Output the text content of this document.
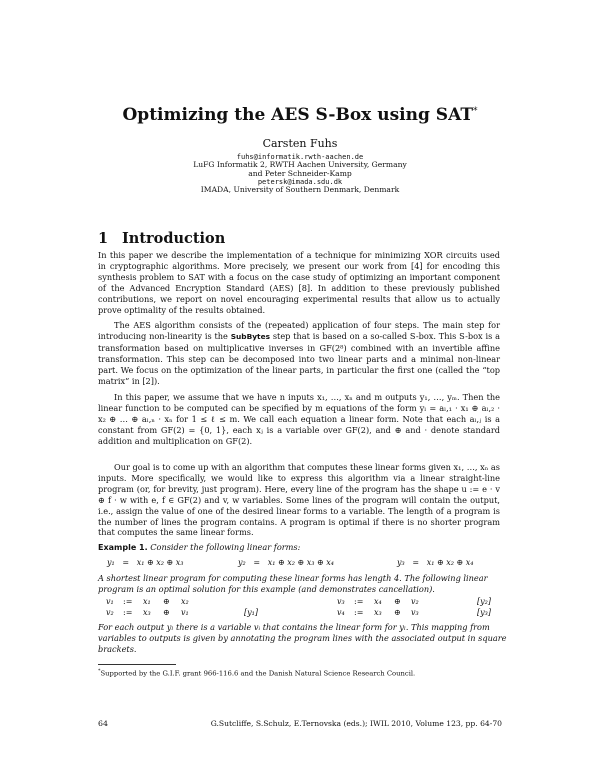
Optimizing the AES S-Box using SAT*
Carsten Fuhs
fuhs@informatik.rwth-aachen.de
LuFG Informatik 2, RWTH Aachen University, Germany
and Peter Schneider-Kamp
petersk@imada.sdu.dk
IMADA, University of Southern Denmark, Denmark
1 Introduction
In this paper we describe the implementation of a technique for minimizing XOR circuits used in cryptographic algorithms. More precisely, we present our work from [4] for encoding this synthesis problem to SAT with a focus on the case study of optimizing an important component of the Advanced Encryption Standard (AES) [8]. In addition to these previously published contributions, we report on novel encouraging experimental results that allow us to actually prove optimality of the results obtained.
The AES algorithm consists of the (repeated) application of four steps. The main step for introducing non-linearity is the SubBytes step that is based on a so-called S-box. This S-box is a transformation based on multiplicative inverses in GF(2⁸) combined with an invertible affine transformation. This step can be decomposed into two linear parts and a minimal non-linear part. We focus on the optimization of the linear parts, in particular the first one (called the “top matrix” in [2]).
In this paper, we assume that we have n inputs x₁, …, xₙ and m outputs y₁, …, yₘ. Then the linear function to be computed can be specified by m equations of the form yₗ = aₗ,₁ · x₁ ⊕ aₗ,₂ · x₂ ⊕ … ⊕ aₗ,ₙ · xₙ for 1 ≤ ℓ ≤ m. We call each equation a linear form. Note that each aₗ,ⱼ is a constant from GF(2) = {0, 1}, each xⱼ is a variable over GF(2), and ⊕ and · denote standard addition and multiplication on GF(2).
Our goal is to come up with an algorithm that computes these linear forms given x₁, …, xₙ as inputs. More specifically, we would like to express this algorithm via a linear straight-line program (or, for brevity, just program). Here, every line of the program has the shape u := e · v ⊕ f · w with e, f ∈ GF(2) and v, w variables. Some lines of the program will contain the output, i.e., assign the value of one of the desired linear forms to a variable. The length of a program is the number of lines the program contains. A program is optimal if there is no shorter program that computes the same linear forms.
Example 1. Consider the following linear forms:
y₁ = x₁ ⊕ x₂ ⊕ x₃	y₂ = x₁ ⊕ x₂ ⊕ x₃ ⊕ x₄	y₃ = x₁ ⊕ x₂ ⊕ x₄
A shortest linear program for computing these linear forms has length 4. The following linear program is an optimal solution for this example (and demonstrates cancellation).
v₁ := x₁ ⊕ x₂
v₂ := x₃ ⊕ v₁	[y₁]
v₃ := x₄ ⊕ v₂	[y₂]
v₄ := x₃ ⊕ v₃	[y₃]
For each output yₗ there is a variable vᵢ that contains the linear form for yₗ. This mapping from variables to outputs is given by annotating the program lines with the associated output in square brackets.
*Supported by the G.I.F. grant 966-116.6 and the Danish Natural Science Research Council.
64	G.Sutcliffe, S.Schulz, E.Ternovska (eds.); IWIL 2010, Volume 123, pp. 64-70
